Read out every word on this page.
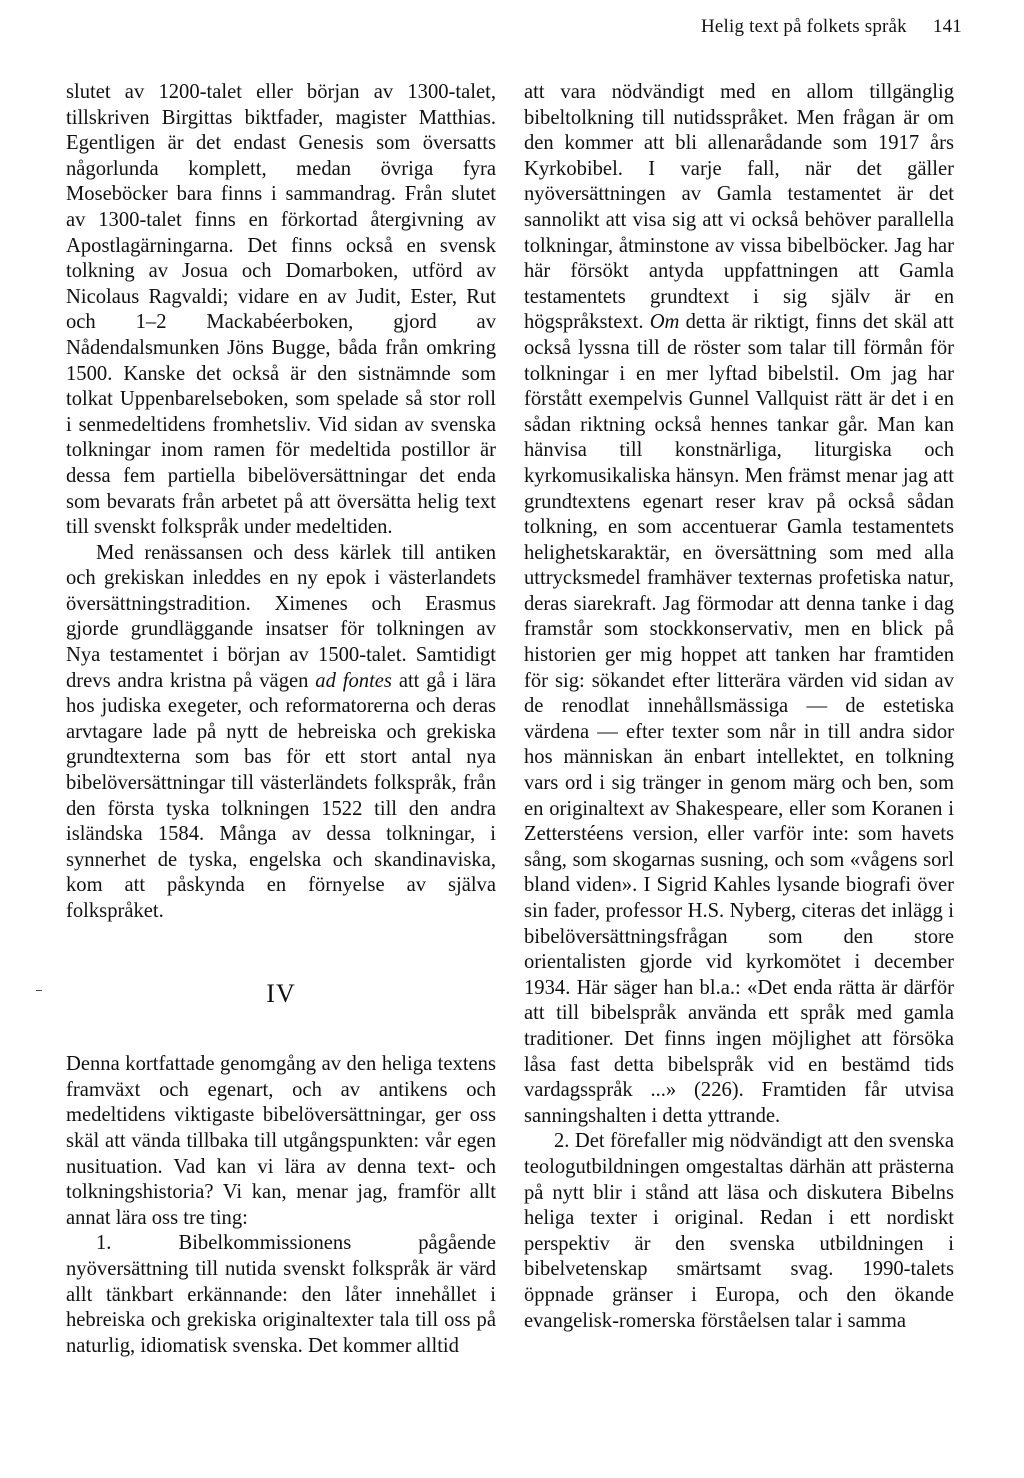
Helig text på folkets språk 141

slutet av 1200-talet eller början av 1300-talet, tillskriven Birgittas biktfader, magister Matthias. Egentligen är det endast Genesis som översatts någorlunda komplett, medan övriga fyra Moseböcker bara finns i sammandrag. Från slutet av 1300-talet finns en förkortad återgivning av Apostlagärningarna. Det finns också en svensk tolkning av Josua och Domarboken, utförd av Nicolaus Ragvaldi; vidare en av Judit, Ester, Rut och 1–2 Mackabéerboken, gjord av Nådendalsmunken Jöns Bugge, båda från omkring 1500. Kanske det också är den sistnämnde som tolkat Uppenbarelseboken, som spelade så stor roll i senmedeltidens fromhetsliv. Vid sidan av svenska tolkningar inom ramen för medeltida postillor är dessa fem partiella bibelöversättningar det enda som bevarats från arbetet på att översätta helig text till svenskt folkspråk under medeltiden.

Med renässansen och dess kärlek till antiken och grekiskan inleddes en ny epok i västerlandets översättningstradition. Ximenes och Erasmus gjorde grundläggande insatser för tolkningen av Nya testamentet i början av 1500-talet. Samtidigt drevs andra kristna på vägen ad fontes att gå i lära hos judiska exegeter, och reformatorerna och deras arvtagare lade på nytt de hebreiska och grekiska grundtexterna som bas för ett stort antal nya bibelöversättningar till västerländets folkspråk, från den första tyska tolkningen 1522 till den andra isländska 1584. Många av dessa tolkningar, i synnerhet de tyska, engelska och skandinaviska, kom att påskynda en förnyelse av själva folkspråket.

IV

Denna kortfattade genomgång av den heliga textens framväxt och egenart, och av antikens och medeltidens viktigaste bibelöversättningar, ger oss skäl att vända tillbaka till utgångspunkten: vår egen nusituation. Vad kan vi lära av denna text- och tolkningshistoria? Vi kan, menar jag, framför allt annat lära oss tre ting:

1. Bibelkommissionens pågående nyöversättning till nutida svenskt folkspråk är värd allt tänkbart erkännande: den låter innehållet i hebreiska och grekiska originaltexter tala till oss på naturlig, idiomatisk svenska. Det kommer alltid

att vara nödvändigt med en allom tillgänglig bibeltolkning till nutidsspråket. Men frågan är om den kommer att bli allenarådande som 1917 års Kyrkobibel. I varje fall, när det gäller nyöversättningen av Gamla testamentet är det sannolikt att visa sig att vi också behöver parallella tolkningar, åtminstone av vissa bibelböcker. Jag har här försökt antyda uppfattningen att Gamla testamentets grundtext i sig själv är en högspråkstext. Om detta är riktigt, finns det skäl att också lyssna till de röster som talar till förmån för tolkningar i en mer lyftad bibelstil. Om jag har förstått exempelvis Gunnel Vallquist rätt är det i en sådan riktning också hennes tankar går. Man kan hänvisa till konstnärliga, liturgiska och kyrkomusikaliska hänsyn. Men främst menar jag att grundtextens egenart reser krav på också sådan tolkning, en som accentuerar Gamla testamentets helighetskaraktär, en översättning som med alla uttrycksmedel framhäver texternas profetiska natur, deras siarekraft. Jag förmodar att denna tanke i dag framstår som stockkonservativ, men en blick på historien ger mig hoppet att tanken har framtiden för sig: sökandet efter litterära värden vid sidan av de renodlat innehållsmässiga — de estetiska värdena — efter texter som når in till andra sidor hos människan än enbart intellektet, en tolkning vars ord i sig tränger in genom märg och ben, som en originaltext av Shakespeare, eller som Koranen i Zetterstéens version, eller varför inte: som havets sång, som skogarnas susning, och som «vågens sorl bland viden». I Sigrid Kahles lysande biografi över sin fader, professor H.S. Nyberg, citeras det inlägg i bibelöversättningsfrågan som den store orientalisten gjorde vid kyrkomötet i december 1934. Här säger han bl.a.: «Det enda rätta är därför att till bibelspråk använda ett språk med gamla traditioner. Det finns ingen möjlighet att försöka låsa fast detta bibelspråk vid en bestämd tids vardagsspråk ...» (226). Framtiden får utvisa sanningshalten i detta yttrande.

2. Det förefaller mig nödvändigt att den svenska teologutbildningen omgestaltas därhän att prästerna på nytt blir i stånd att läsa och diskutera Bibelns heliga texter i original. Redan i ett nordiskt perspektiv är den svenska utbildningen i bibelvetenskap smärtsamt svag. 1990-talets öppnade gränser i Europa, och den ökande evangelisk-romerska förståelsen talar i samma
